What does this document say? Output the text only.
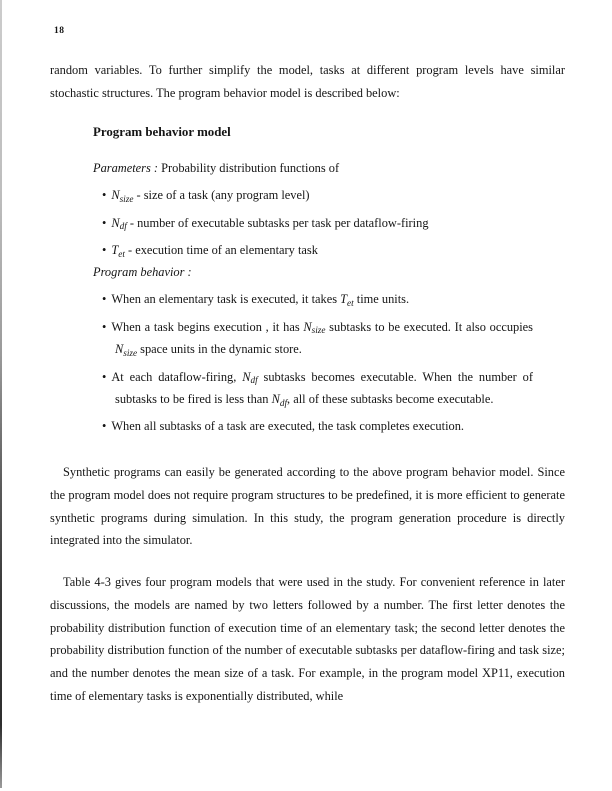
18

random variables. To further simplify the model, tasks at different program levels have similar stochastic structures. The program behavior model is described below:

Program behavior model

Parameters : Probability distribution functions of

• $N_{size}$ - size of a task (any program level)
• $N_{df}$ - number of executable subtasks per task per dataflow-firing
• $T_{et}$ - execution time of an elementary task

Program behavior :

• When an elementary task is executed, it takes $T_{et}$ time units.
• When a task begins execution , it has $N_{size}$ subtasks to be executed. It also occupies $N_{size}$ space units in the dynamic store.
• At each dataflow-firing, $N_{df}$ subtasks becomes executable. When the number of subtasks to be fired is less than $N_{df}$, all of these subtasks become executable.
• When all subtasks of a task are executed, the task completes execution.

Synthetic programs can easily be generated according to the above program behavior model. Since the program model does not require program structures to be predefined, it is more efficient to generate synthetic programs during simulation. In this study, the program generation procedure is directly integrated into the simulator.

Table 4-3 gives four program models that were used in the study. For convenient reference in later discussions, the models are named by two letters followed by a number. The first letter denotes the probability distribution function of execution time of an elementary task; the second letter denotes the probability distribution function of the number of executable subtasks per dataflow-firing and task size; and the number denotes the mean size of a task. For example, in the program model XP11, execution time of elementary tasks is exponentially distributed, while
